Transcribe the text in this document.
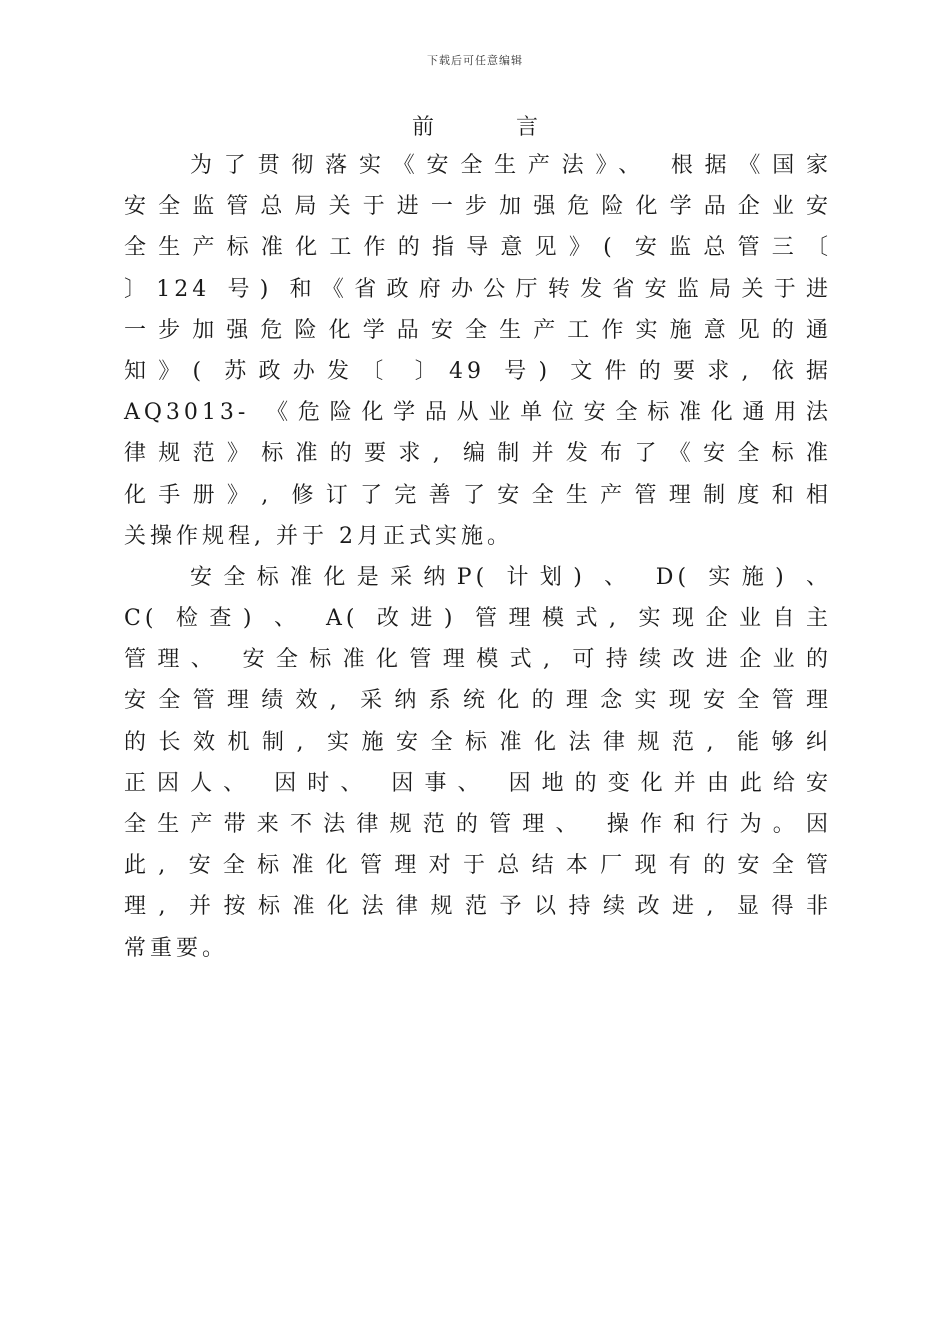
下载后可任意编辑
前	言
为了贯彻落实《安全生产法》、 根据《国家
安全监管总局关于进一步加强危险化学品企业安
全生产标准化工作的指导意见》( 安监总管三〔
〕124 号) 和《省政府办公厅转发省安监局关于进
一步加强危险化学品安全生产工作实施意见的通
知》( 苏政办发〔 〕49 号) 文件的要求, 依据
AQ3013- 《危险化学品从业单位安全标准化通用法
律规范》标准的要求, 编制并发布了《安全标准
化手册》, 修订了完善了安全生产管理制度和相
关操作规程, 并于 2月正式实施。
安全标准化是采纳P( 计划) 、 D( 实施) 、
C( 检查) 、 A( 改进) 管理模式, 实现企业自主
管理、 安全标准化管理模式, 可持续改进企业的
安全管理绩效, 采纳系统化的理念实现安全管理
的长效机制, 实施安全标准化法律规范, 能够纠
正因人、 因时、 因事、 因地的变化并由此给安
全生产带来不法律规范的管理、 操作和行为。因
此, 安全标准化管理对于总结本厂现有的安全管
理, 并按标准化法律规范予以持续改进, 显得非
常重要。
